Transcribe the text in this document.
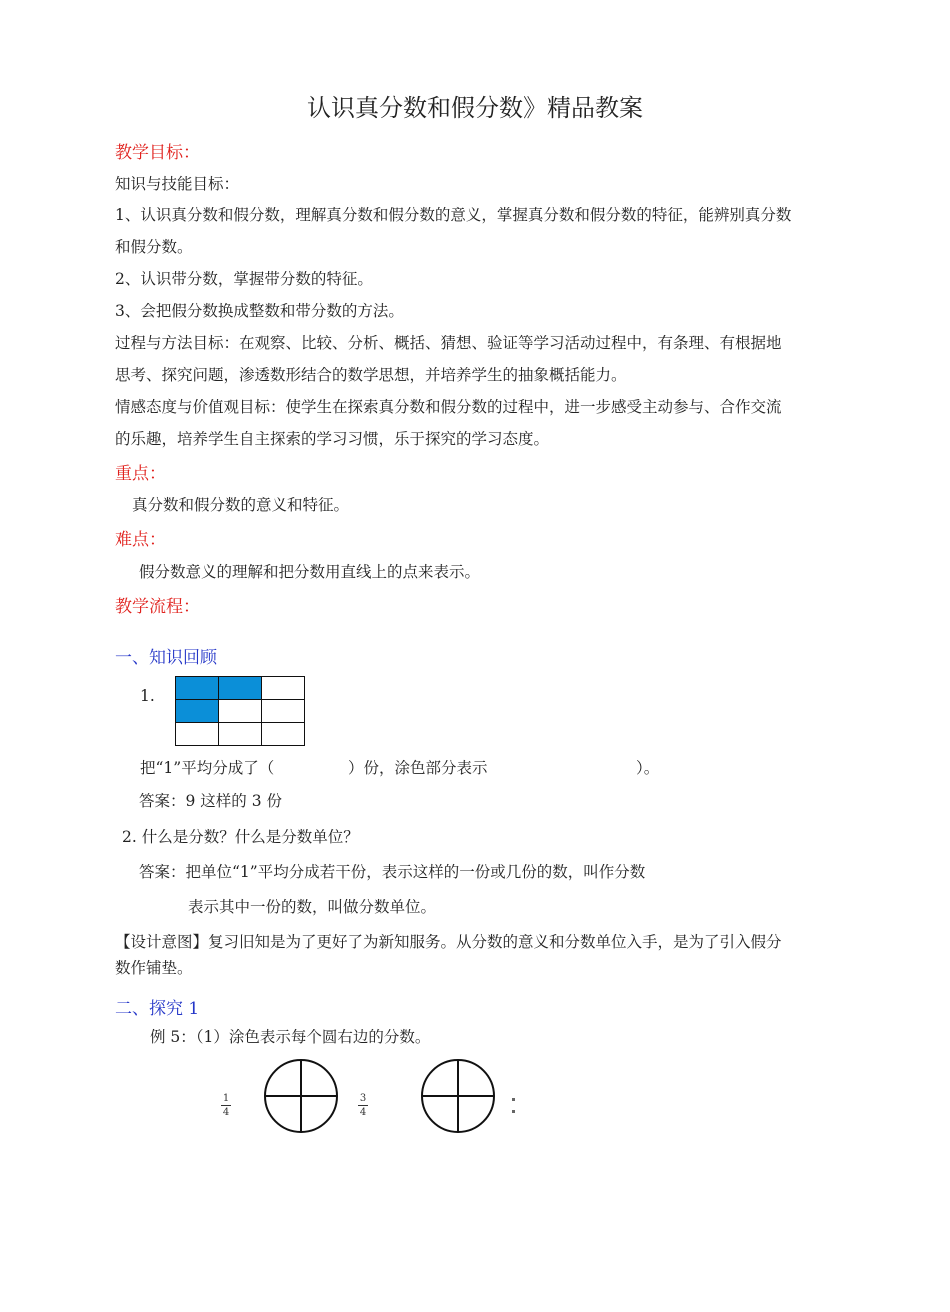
认识真分数和假分数》精品教案
教学目标：
知识与技能目标：
1、认识真分数和假分数，理解真分数和假分数的意义，掌握真分数和假分数的特征，能辨别真分数
和假分数。
2、认识带分数，掌握带分数的特征。
3、会把假分数换成整数和带分数的方法。
过程与方法目标：在观察、比较、分析、概括、猜想、验证等学习活动过程中，有条理、有根据地
思考、探究问题，渗透数形结合的数学思想，并培养学生的抽象概括能力。
情感态度与价值观目标：使学生在探索真分数和假分数的过程中，进一步感受主动参与、合作交流
的乐趣，培养学生自主探索的学习习惯，乐于探究的学习态度。
重点：
真分数和假分数的意义和特征。
难点：
假分数意义的理解和把分数用直线上的点来表示。
教学流程：
一、知识回顾
1.

把“1”平均分成了（	）份，涂色部分表示	）。
答案：9 这样的 3 份
2. 什么是分数？什么是分数单位？
答案：把单位“1”平均分成若干份，表示这样的一份或几份的数，叫作分数
表示其中一份的数，叫做分数单位。
【设计意图】复习旧知是为了更好了为新知服务。从分数的意义和分数单位入手，是为了引入假分
数作铺垫。
二、探究 1
例 5：（1）涂色表示每个圆右边的分数。
1
4
3
4
